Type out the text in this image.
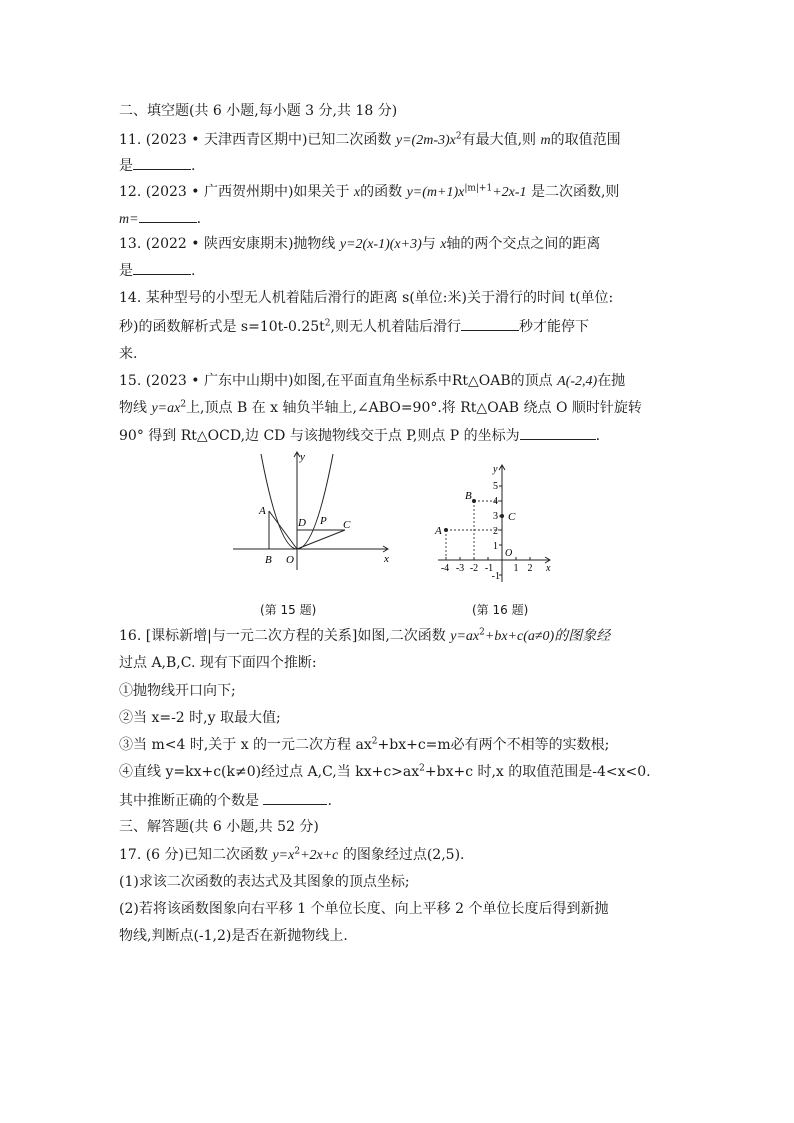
二、填空题(共 6 小题,每小题 3 分,共 18 分)
11. (2023 • 天津西青区期中)已知二次函数 $y=(2m-3)x^2$有最大值,则 m的取值范围
是	.
12. (2023 • 广西贺州期中)如果关于 x的函数 $y=(m+1)x^{|m|+1}+2x-1$ 是二次函数,则
m=	.
13. (2022 • 陕西安康期末)抛物线 y=2(x-1)(x+3)与 x轴的两个交点之间的距离
是	.
14. 某种型号的小型无人机着陆后滑行的距离 s(单位:米)关于滑行的时间 t(单位:
秒)的函数解析式是 $s=10t-0.25t^2$,则无人机着陆后滑行	秒才能停下
来.
15. (2023 • 广东中山期中)如图,在平面直角坐标系中Rt△OAB的顶点 A(-2,4)在抛
物线 $y=ax^2$上,顶点 B 在 x 轴负半轴上,∠ABO=90°.将 Rt△OAB 绕点 O 顺时针旋转
90° 得到 Rt△OCD,边 CD 与该抛物线交于点 P,则点 P 的坐标为	.
y
x
A
B O
D P C
(第 15 题)
A
B
C
O
y
x
5
4
3
2
1
-1
-4 -3 -2 -1 1 2
(第 16 题)
16. [课标新增|与一元二次方程的关系]如图,二次函数 $y=ax^2+bx+c(a\ne 0)$的图象经
过点 A,B,C. 现有下面四个推断:
①抛物线开口向下;
②当 x=-2 时,y 取最大值;
③当 m<4 时,关于 x 的一元二次方程 $ax^2+bx+c=m$必有两个不相等的实数根;
④直线 y=kx+c(k≠0)经过点 A,C,当 $kx+c>ax^2+bx+c$ 时,x 的取值范围是-4<x<0.
其中推断正确的个数是	.
三、解答题(共 6 小题,共 52 分)
17. (6 分)已知二次函数 $y=x^2+2x+c$ 的图象经过点(2,5).
(1)求该二次函数的表达式及其图象的顶点坐标;
(2)若将该函数图象向右平移 1 个单位长度、向上平移 2 个单位长度后得到新抛
物线,判断点(-1,2)是否在新抛物线上.
